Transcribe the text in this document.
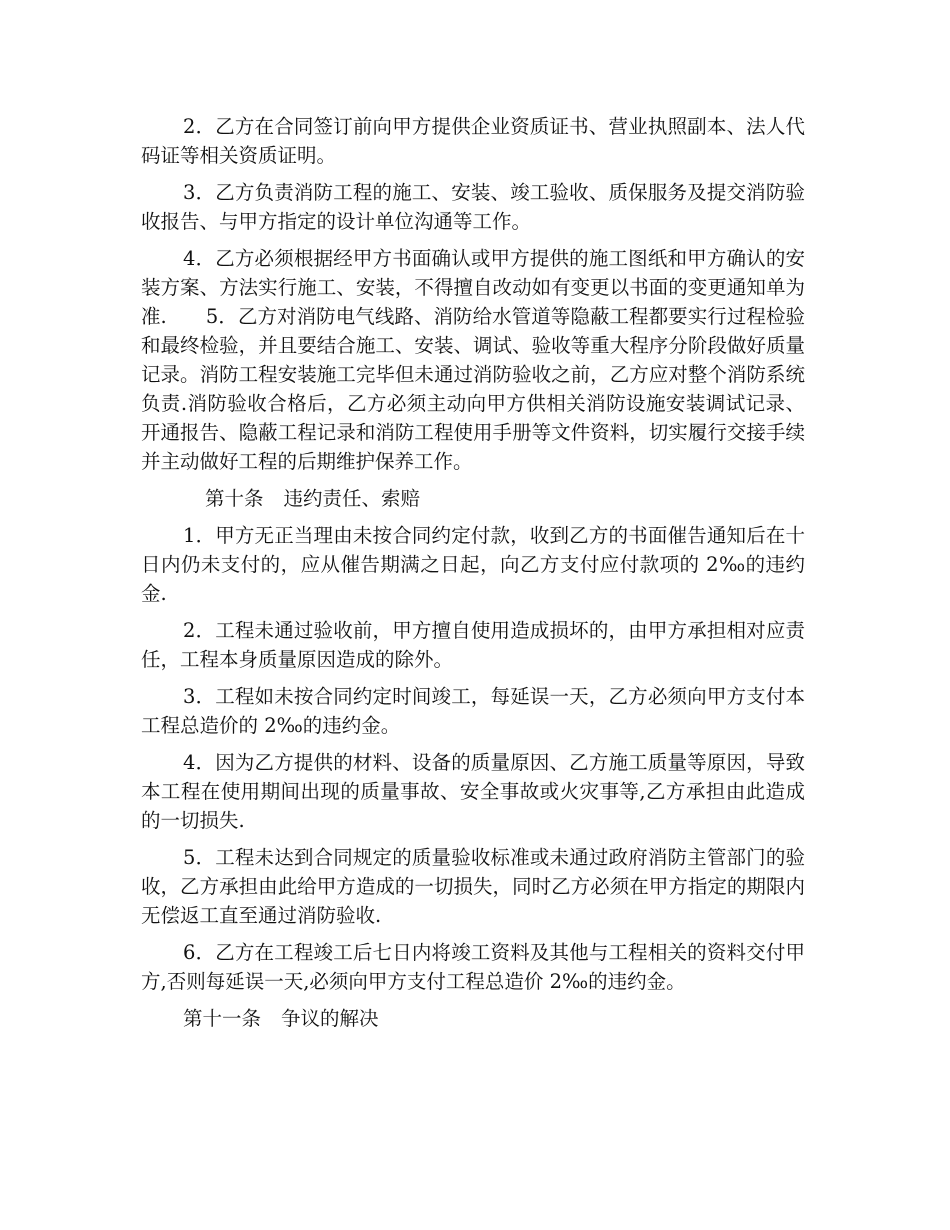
2．乙方在合同签订前向甲方提供企业资质证书、营业执照副本、法人代码证等相关资质证明。

3．乙方负责消防工程的施工、安装、竣工验收、质保服务及提交消防验收报告、与甲方指定的设计单位沟通等工作。

4．乙方必须根据经甲方书面确认或甲方提供的施工图纸和甲方确认的安装方案、方法实行施工、安装，不得擅自改动如有变更以书面的变更通知单为准.　　5．乙方对消防电气线路、消防给水管道等隐蔽工程都要实行过程检验和最终检验，并且要结合施工、安装、调试、验收等重大程序分阶段做好质量记录。消防工程安装施工完毕但未通过消防验收之前，乙方应对整个消防系统负责.消防验收合格后，乙方必须主动向甲方供相关消防设施安装调试记录、开通报告、隐蔽工程记录和消防工程使用手册等文件资料，切实履行交接手续并主动做好工程的后期维护保养工作。

第十条 违约责任、索赔

1．甲方无正当理由未按合同约定付款，收到乙方的书面催告通知后在十日内仍未支付的，应从催告期满之日起，向乙方支付应付款项的 2‰的违约金.

2．工程未通过验收前，甲方擅自使用造成损坏的，由甲方承担相对应责任，工程本身质量原因造成的除外。

3．工程如未按合同约定时间竣工，每延误一天，乙方必须向甲方支付本工程总造价的 2‰的违约金。

4．因为乙方提供的材料、设备的质量原因、乙方施工质量等原因，导致本工程在使用期间出现的质量事故、安全事故或火灾事等,乙方承担由此造成的一切损失.

5．工程未达到合同规定的质量验收标准或未通过政府消防主管部门的验收，乙方承担由此给甲方造成的一切损失，同时乙方必须在甲方指定的期限内无偿返工直至通过消防验收.

6．乙方在工程竣工后七日内将竣工资料及其他与工程相关的资料交付甲方,否则每延误一天,必须向甲方支付工程总造价 2‰的违约金。

第十一条 争议的解决
